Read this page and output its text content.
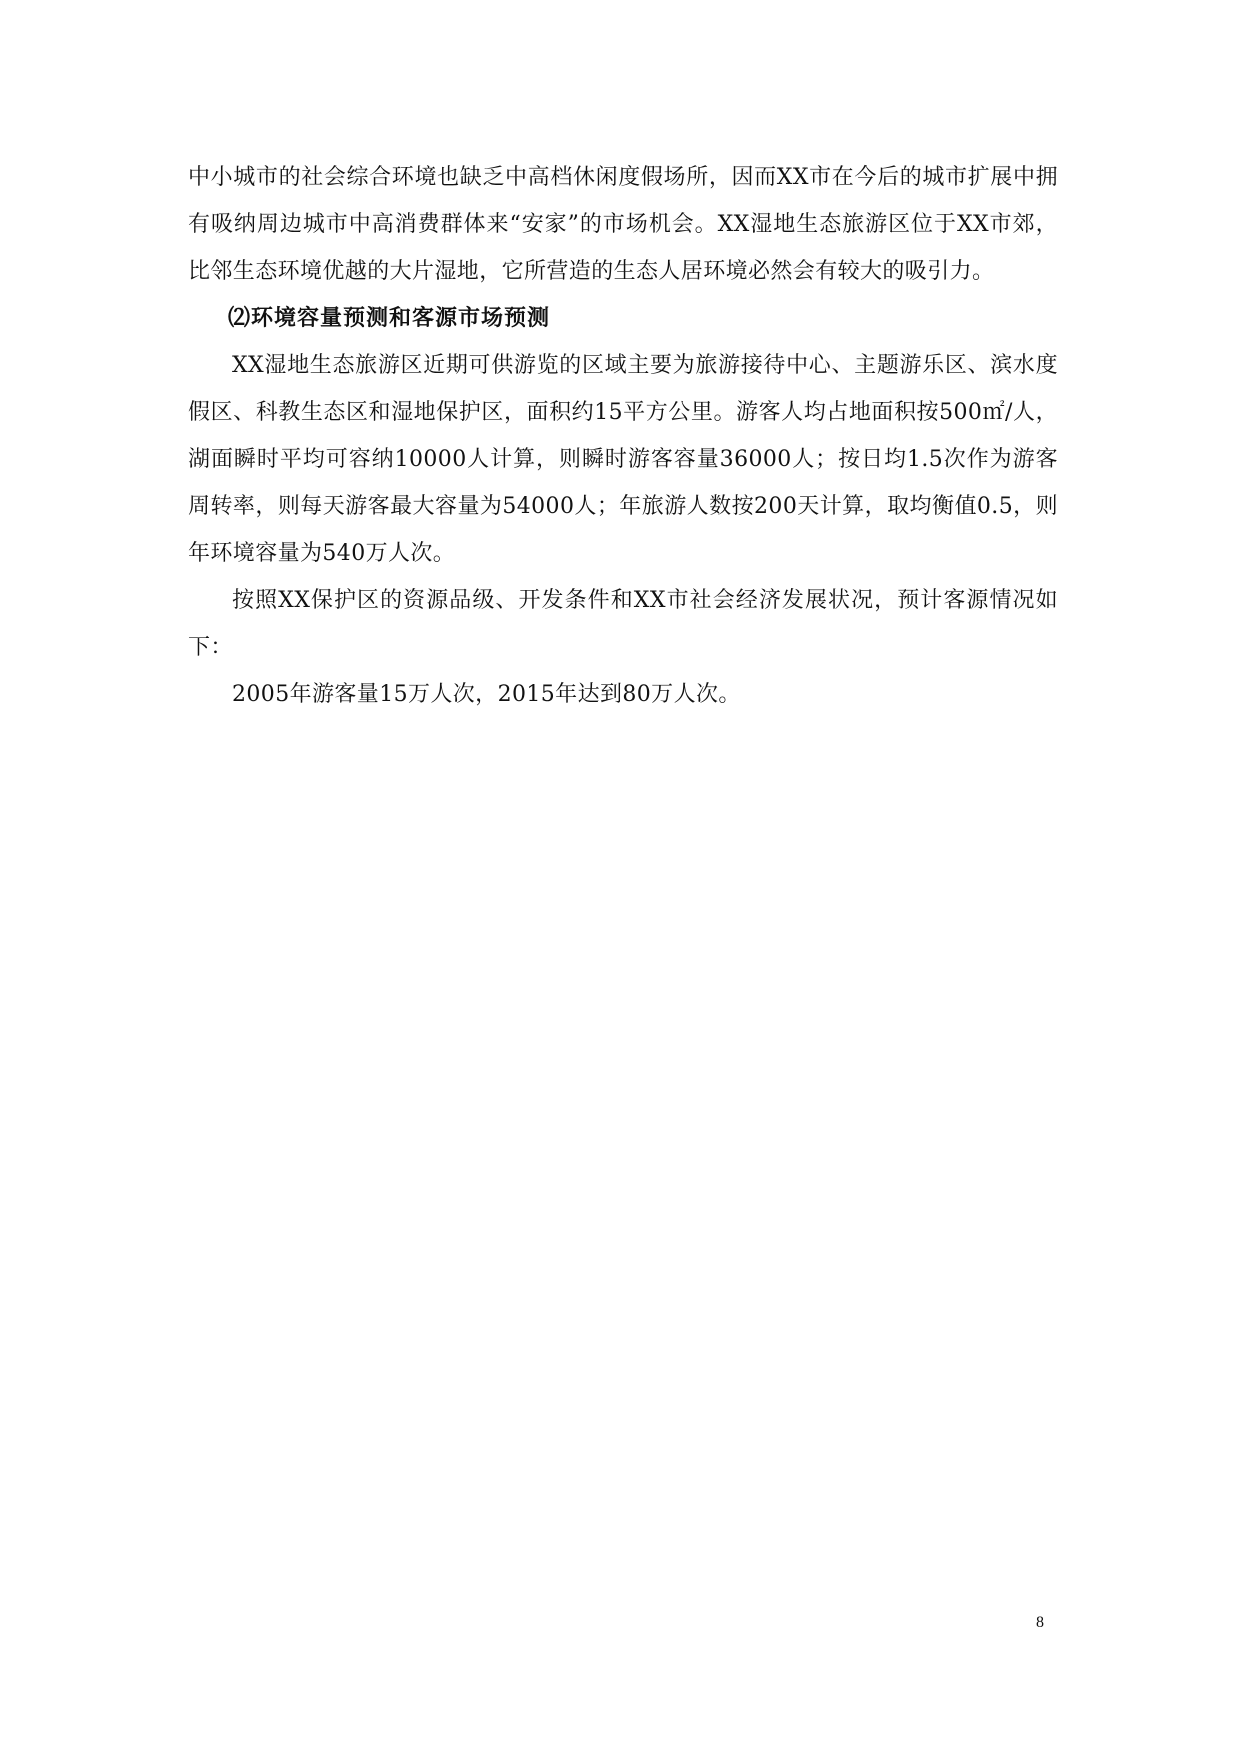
中小城市的社会综合环境也缺乏中高档休闲度假场所，因而XX市在今后的城市扩展中拥有吸纳周边城市中高消费群体来“安家”的市场机会。XX湿地生态旅游区位于XX市郊，比邻生态环境优越的大片湿地，它所营造的生态人居环境必然会有较大的吸引力。

⑵环境容量预测和客源市场预测

XX湿地生态旅游区近期可供游览的区域主要为旅游接待中心、主题游乐区、滨水度假区、科教生态区和湿地保护区，面积约15平方公里。游客人均占地面积按500㎡/人，湖面瞬时平均可容纳10000人计算，则瞬时游客容量36000人；按日均1.5次作为游客周转率，则每天游客最大容量为54000人；年旅游人数按200天计算，取均衡值0.5，则年环境容量为540万人次。

按照XX保护区的资源品级、开发条件和XX市社会经济发展状况，预计客源情况如下：

2005年游客量15万人次，2015年达到80万人次。

8
